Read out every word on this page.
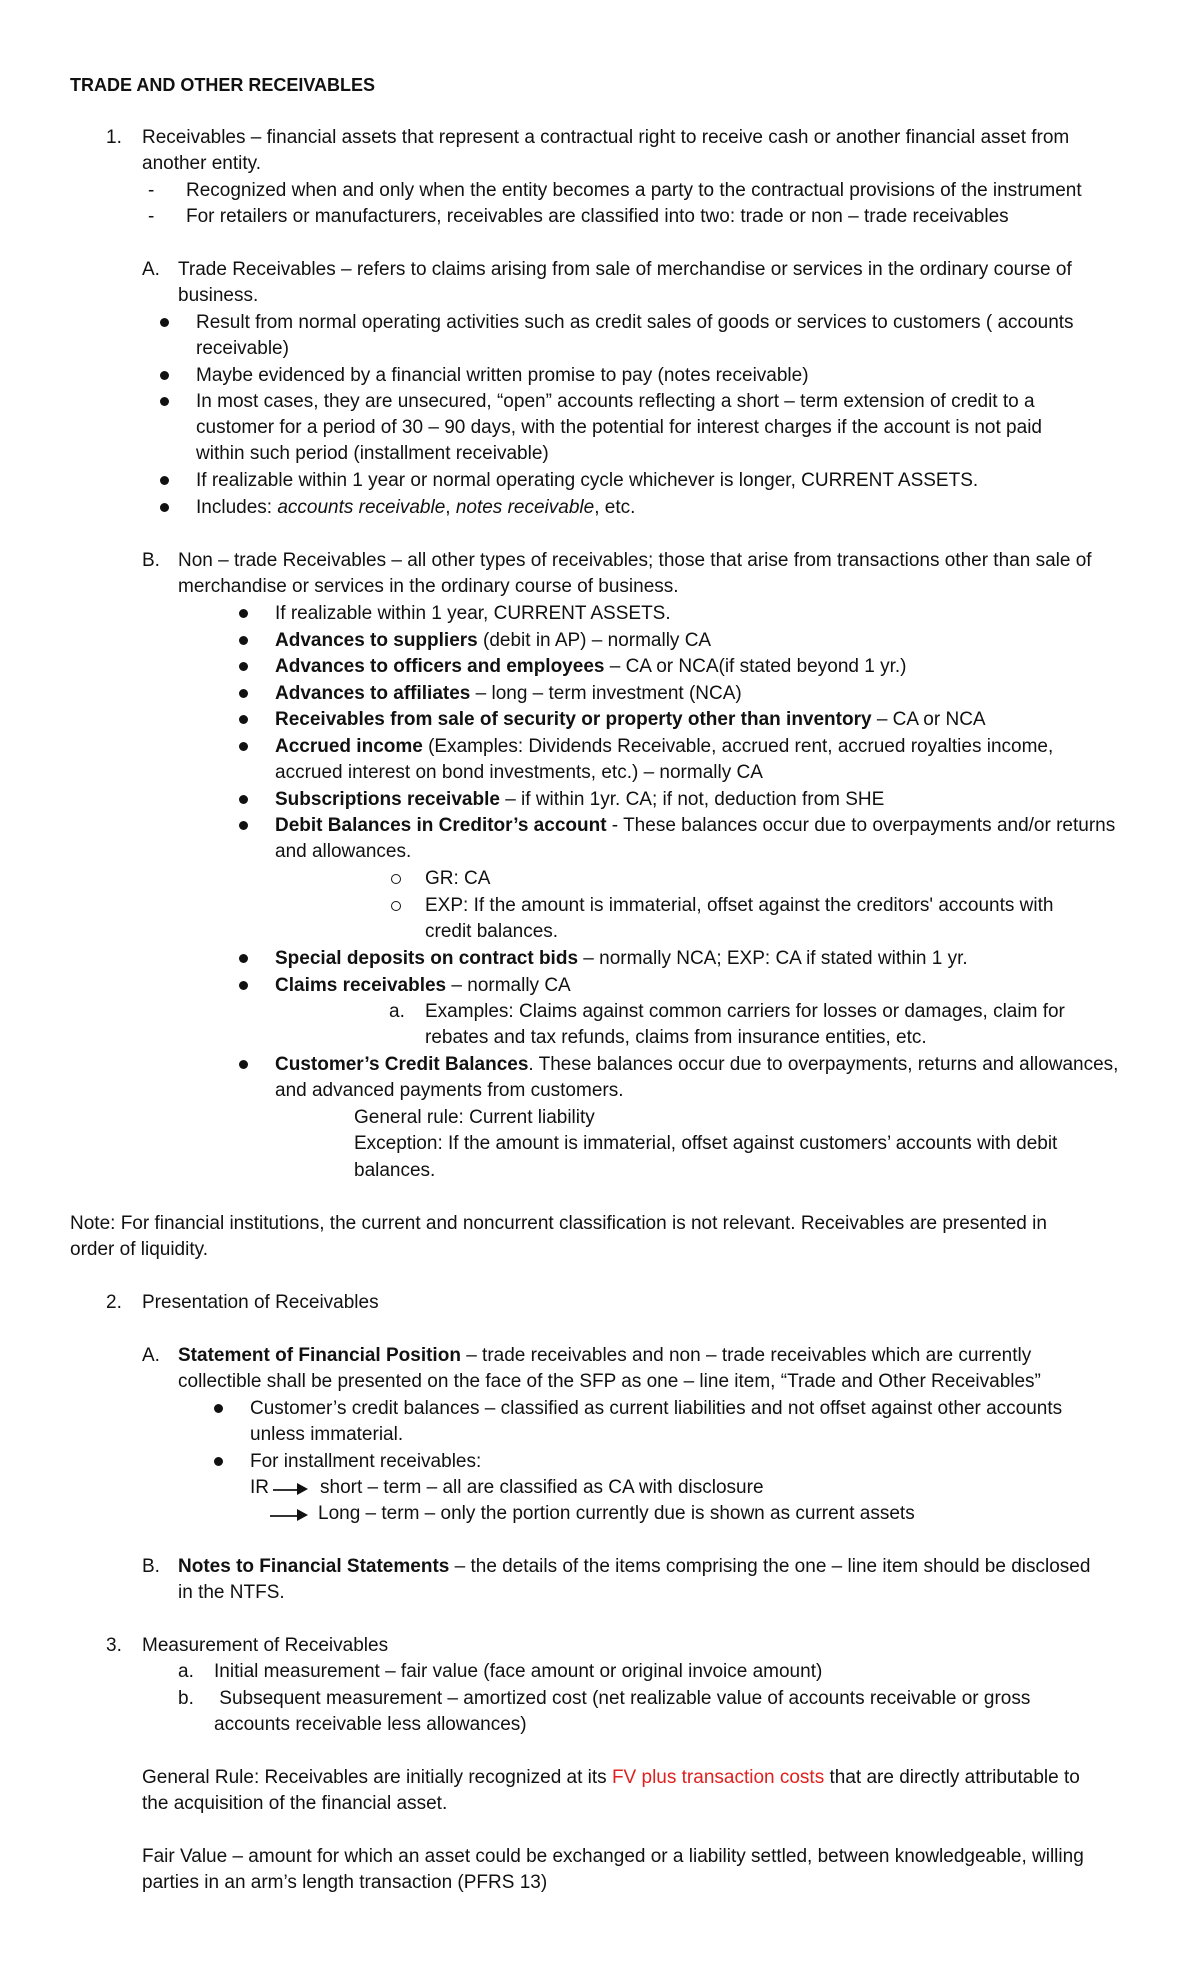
TRADE AND OTHER RECEIVABLES
1. Receivables – financial assets that represent a contractual right to receive cash or another financial asset from
another entity.
- Recognized when and only when the entity becomes a party to the contractual provisions of the instrument
- For retailers or manufacturers, receivables are classified into two: trade or non – trade receivables
A. Trade Receivables – refers to claims arising from sale of merchandise or services in the ordinary course of
business.
Result from normal operating activities such as credit sales of goods or services to customers ( accounts
receivable)
Maybe evidenced by a financial written promise to pay (notes receivable)
In most cases, they are unsecured, “open” accounts reflecting a short – term extension of credit to a
customer for a period of 30 – 90 days, with the potential for interest charges if the account is not paid
within such period (installment receivable)
If realizable within 1 year or normal operating cycle whichever is longer, CURRENT ASSETS.
Includes: accounts receivable, notes receivable, etc.
B. Non – trade Receivables – all other types of receivables; those that arise from transactions other than sale of
merchandise or services in the ordinary course of business.
If realizable within 1 year, CURRENT ASSETS.
Advances to suppliers (debit in AP) – normally CA
Advances to officers and employees – CA or NCA(if stated beyond 1 yr.)
Advances to affiliates – long – term investment (NCA)
Receivables from sale of security or property other than inventory – CA or NCA
Accrued income (Examples: Dividends Receivable, accrued rent, accrued royalties income,
accrued interest on bond investments, etc.) – normally CA
Subscriptions receivable – if within 1yr. CA; if not, deduction from SHE
Debit Balances in Creditor’s account - These balances occur due to overpayments and/or returns
and allowances.
GR: CA
EXP: If the amount is immaterial, offset against the creditors' accounts with
credit balances.
Special deposits on contract bids – normally NCA; EXP: CA if stated within 1 yr.
Claims receivables – normally CA
a. Examples: Claims against common carriers for losses or damages, claim for
rebates and tax refunds, claims from insurance entities, etc.
Customer’s Credit Balances. These balances occur due to overpayments, returns and allowances,
and advanced payments from customers.
General rule: Current liability
Exception: If the amount is immaterial, offset against customers’ accounts with debit
balances.
Note: For financial institutions, the current and noncurrent classification is not relevant. Receivables are presented in
order of liquidity.
2. Presentation of Receivables
A. Statement of Financial Position – trade receivables and non – trade receivables which are currently
collectible shall be presented on the face of the SFP as one – line item, “Trade and Other Receivables”
Customer’s credit balances – classified as current liabilities and not offset against other accounts
unless immaterial.
For installment receivables:
IR	short – term – all are classified as CA with disclosure
Long – term – only the portion currently due is shown as current assets
B. Notes to Financial Statements – the details of the items comprising the one – line item should be disclosed
in the NTFS.
3. Measurement of Receivables
a. Initial measurement – fair value (face amount or original invoice amount)
b. Subsequent measurement – amortized cost (net realizable value of accounts receivable or gross
accounts receivable less allowances)
General Rule: Receivables are initially recognized at its FV plus transaction costs that are directly attributable to
the acquisition of the financial asset.
Fair Value – amount for which an asset could be exchanged or a liability settled, between knowledgeable, willing
parties in an arm’s length transaction (PFRS 13)
